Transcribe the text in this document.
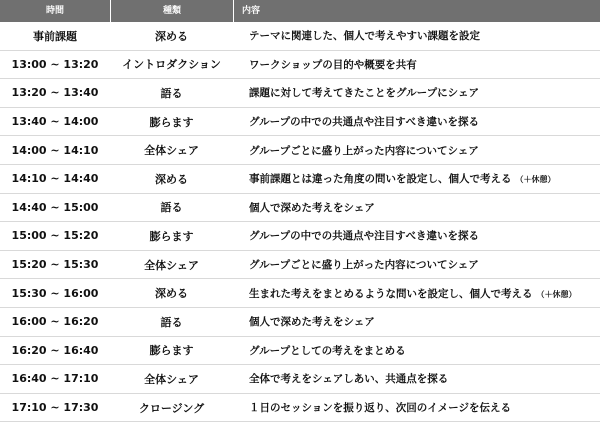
時間	種類	内容
事前課題	深める	テーマに関連した、個人で考えやすい課題を設定
13:00 ~ 13:20	イントロダクション	ワークショップの目的や概要を共有
13:20 ~ 13:40	語る	課題に対して考えてきたことをグループにシェア
13:40 ~ 14:00	膨らます	グループの中での共通点や注目すべき違いを探る
14:00 ~ 14:10	全体シェア	グループごとに盛り上がった内容についてシェア
14:10 ~ 14:40	深める	事前課題とは違った角度の問いを設定し、個人で考える （＋休憩）
14:40 ~ 15:00	語る	個人で深めた考えをシェア
15:00 ~ 15:20	膨らます	グループの中での共通点や注目すべき違いを探る
15:20 ~ 15:30	全体シェア	グループごとに盛り上がった内容についてシェア
15:30 ~ 16:00	深める	生まれた考えをまとめるような問いを設定し、個人で考える （＋休憩）
16:00 ~ 16:20	語る	個人で深めた考えをシェア
16:20 ~ 16:40	膨らます	グループとしての考えをまとめる
16:40 ~ 17:10	全体シェア	全体で考えをシェアしあい、共通点を探る
17:10 ~ 17:30	クロージング	１日のセッションを振り返り、次回のイメージを伝える
